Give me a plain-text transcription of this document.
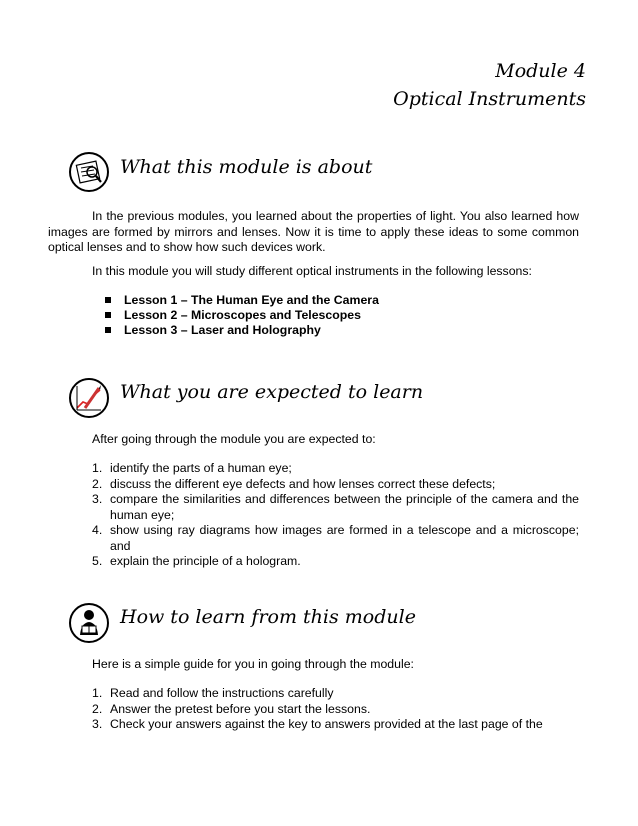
Module 4
Optical Instruments
What this module is about
In the previous modules, you learned about the properties of light. You also learned how images are formed by mirrors and lenses. Now it is time to apply these ideas to some common optical lenses and to show how such devices work.
In this module you will study different optical instruments in the following lessons:
Lesson 1 – The Human Eye and the Camera
Lesson 2 – Microscopes and Telescopes
Lesson 3 – Laser and Holography
What you are expected to learn
After going through the module you are expected to:
1. identify the parts of a human eye;
2. discuss the different eye defects and how lenses correct these defects;
3. compare the similarities and differences between the principle of the camera and the human eye;
4. show using ray diagrams how images are formed in a telescope and a microscope; and
5. explain the principle of a hologram.
How to learn from this module
Here is a simple guide for you in going through the module:
1. Read and follow the instructions carefully
2. Answer the pretest before you start the lessons.
3. Check your answers against the key to answers provided at the last page of the
